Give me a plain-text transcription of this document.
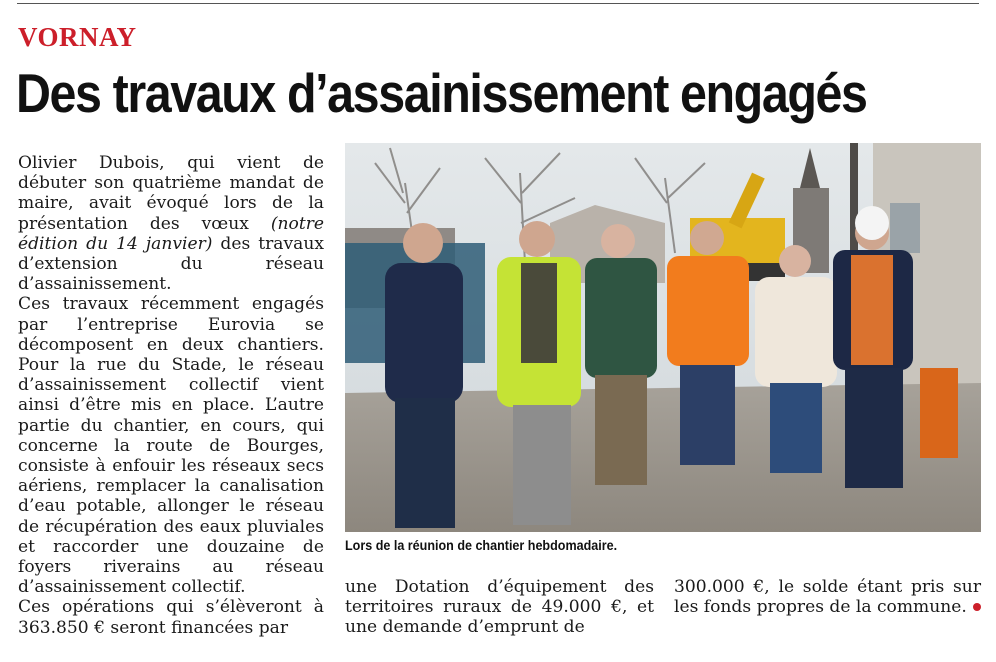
VORNAY
Des travaux d’assainissement engagés

Olivier Dubois, qui vient de débuter son quatrième mandat de maire, avait évoqué lors de la présentation des vœux (notre édition du 14 janvier) des travaux d’extension du réseau d’assainissement.

Ces travaux récemment engagés par l’entreprise Eurovia se décomposent en deux chantiers. Pour la rue du Stade, le réseau d’assainissement collectif vient ainsi d’être mis en place. L’autre partie du chantier, en cours, qui concerne la route de Bourges, consiste à enfouir les réseaux secs aériens, remplacer la canalisation d’eau potable, allonger le réseau de récupération des eaux pluviales et raccorder une douzaine de foyers riverains au réseau d’assainissement collectif.

Ces opérations qui s’élèveront à 363.850 € seront financées par

Lors de la réunion de chantier hebdomadaire.

une Dotation d’équipement des territoires ruraux de 49.000 €, et une demande d’emprunt de

300.000 €, le solde étant pris sur les fonds propres de la commune.
